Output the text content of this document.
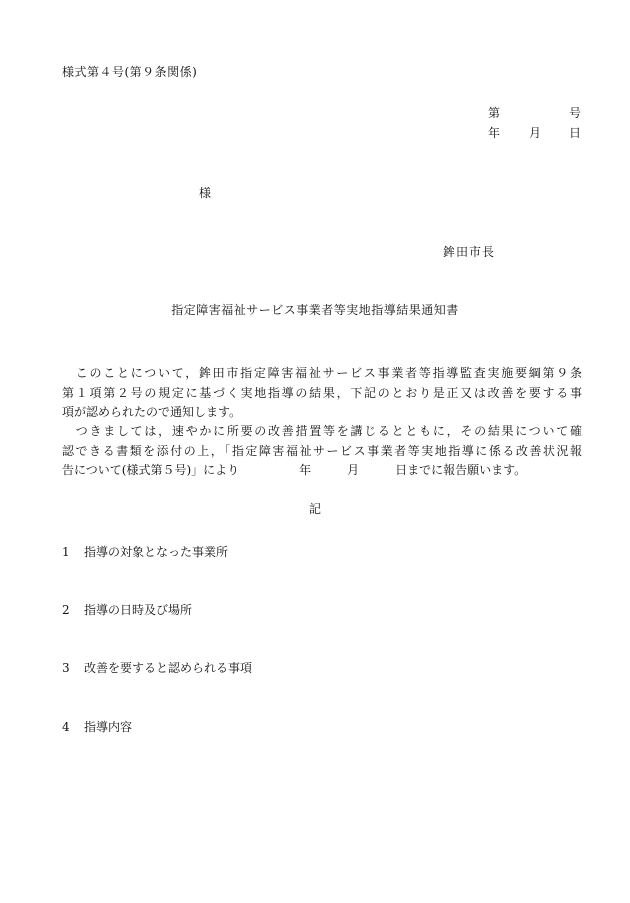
様式第４号(第９条関係)
第	号
年 月 日
様
鉾田市長
指定障害福祉サービス事業者等実地指導結果通知書
　このことについて，鉾田市指定障害福祉サービス事業者等指導監査実施要綱第９条
第１項第２号の規定に基づく実地指導の結果，下記のとおり是正又は改善を要する事
項が認められたので通知します。
　つきましては，速やかに所要の改善措置等を講じるとともに，その結果について確
認できる書類を添付の上，「指定障害福祉サービス事業者等実地指導に係る改善状況報
告について(様式第５号)」により　　　　　年　　　月　　　日までに報告願います。
記
1 指導の対象となった事業所
2 指導の日時及び場所
3 改善を要すると認められる事項
4 指導内容
